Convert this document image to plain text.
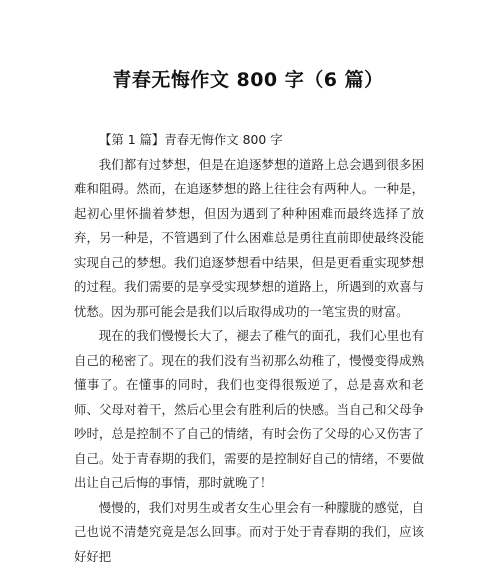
青春无悔作文 800 字（6 篇）
【第 1 篇】青春无悔作文 800 字

我们都有过梦想，但是在追逐梦想的道路上总会遇到很多困难和阻碍。然而，在追逐梦想的路上往往会有两种人。一种是，起初心里怀揣着梦想，但因为遇到了种种困难而最终选择了放弃，另一种是，不管遇到了什么困难总是勇往直前即使最终没能实现自己的梦想。我们追逐梦想看中结果，但是更看重实现梦想的过程。我们需要的是享受实现梦想的道路上，所遇到的欢喜与忧愁。因为那可能会是我们以后取得成功的一笔宝贵的财富。

现在的我们慢慢长大了，褪去了稚气的面孔，我们心里也有自己的秘密了。现在的我们没有当初那么幼稚了，慢慢变得成熟懂事了。在懂事的同时，我们也变得很叛逆了，总是喜欢和老师、父母对着干，然后心里会有胜利后的快感。当自己和父母争吵时，总是控制不了自己的情绪，有时会伤了父母的心又伤害了自己。处于青春期的我们，需要的是控制好自己的情绪，不要做出让自己后悔的事情，那时就晚了！

慢慢的，我们对男生或者女生心里会有一种朦胧的感觉，自己也说不清楚究竟是怎么回事。而对于处于青春期的我们，应该好好把
